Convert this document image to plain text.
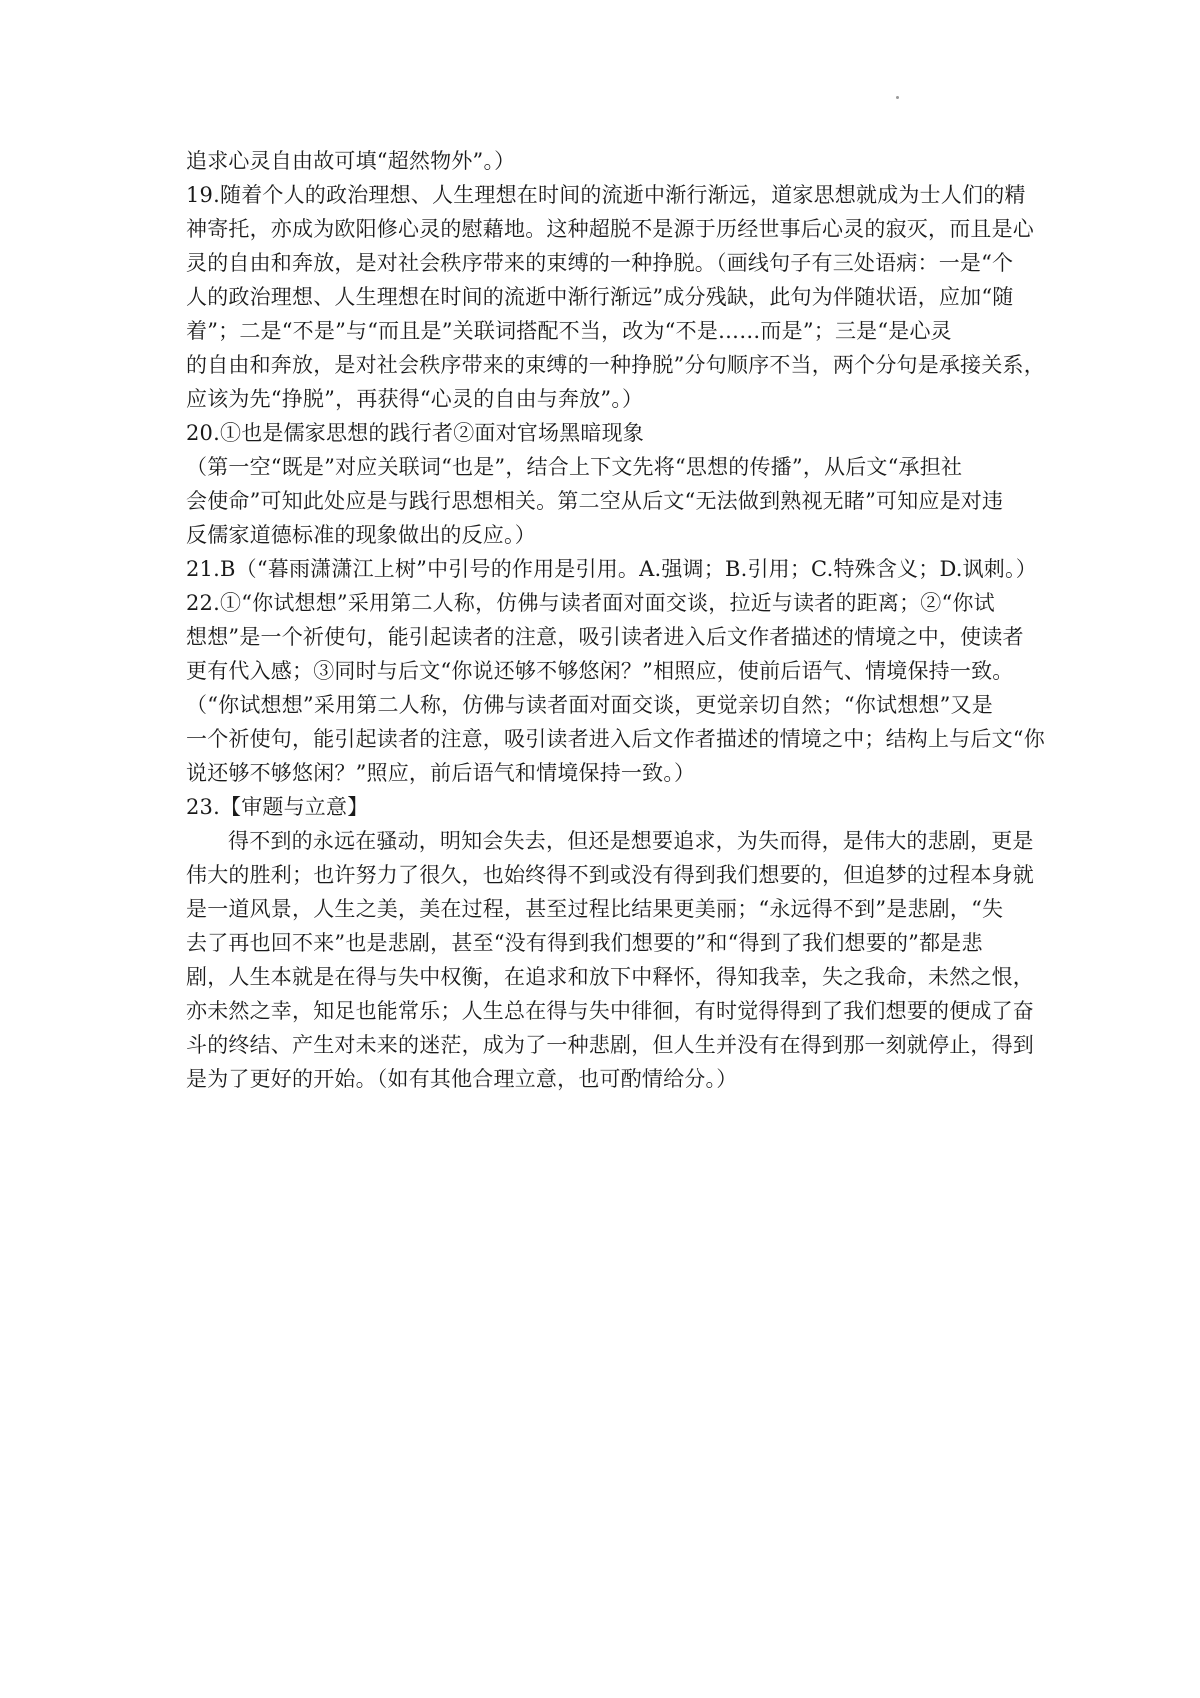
追求心灵自由故可填“超然物外”。）
19.随着个人的政治理想、人生理想在时间的流逝中渐行渐远，道家思想就成为士人们的精
神寄托，亦成为欧阳修心灵的慰藉地。这种超脱不是源于历经世事后心灵的寂灭，而且是心
灵的自由和奔放，是对社会秩序带来的束缚的一种挣脱。（画线句子有三处语病：一是“个
人的政治理想、人生理想在时间的流逝中渐行渐远”成分残缺，此句为伴随状语，应加“随
着”；二是“不是”与“而且是”关联词搭配不当，改为“不是……而是”；三是“是心灵
的自由和奔放，是对社会秩序带来的束缚的一种挣脱”分句顺序不当，两个分句是承接关系，
应该为先“挣脱”，再获得“心灵的自由与奔放”。）
20.①也是儒家思想的践行者②面对官场黑暗现象
（第一空“既是”对应关联词“也是”，结合上下文先将“思想的传播”，从后文“承担社
会使命”可知此处应是与践行思想相关。第二空从后文“无法做到熟视无睹”可知应是对违
反儒家道德标准的现象做出的反应。）
21.B（“暮雨潇潇江上树”中引号的作用是引用。A.强调；B.引用；C.特殊含义；D.讽刺。）
22.①“你试想想”采用第二人称，仿佛与读者面对面交谈，拉近与读者的距离；②“你试
想想”是一个祈使句，能引起读者的注意，吸引读者进入后文作者描述的情境之中，使读者
更有代入感；③同时与后文“你说还够不够悠闲？”相照应，使前后语气、情境保持一致。
（“你试想想”采用第二人称，仿佛与读者面对面交谈，更觉亲切自然；“你试想想”又是
一个祈使句，能引起读者的注意，吸引读者进入后文作者描述的情境之中；结构上与后文“你
说还够不够悠闲？”照应，前后语气和情境保持一致。）
23.【审题与立意】
得不到的永远在骚动，明知会失去，但还是想要追求，为失而得，是伟大的悲剧，更是
伟大的胜利；也许努力了很久，也始终得不到或没有得到我们想要的，但追梦的过程本身就
是一道风景，人生之美，美在过程，甚至过程比结果更美丽；“永远得不到”是悲剧，“失
去了再也回不来”也是悲剧，甚至“没有得到我们想要的”和“得到了我们想要的”都是悲
剧，人生本就是在得与失中权衡，在追求和放下中释怀，得知我幸，失之我命，未然之恨，
亦未然之幸，知足也能常乐；人生总在得与失中徘徊，有时觉得得到了我们想要的便成了奋
斗的终结、产生对未来的迷茫，成为了一种悲剧，但人生并没有在得到那一刻就停止，得到
是为了更好的开始。（如有其他合理立意，也可酌情给分。）
